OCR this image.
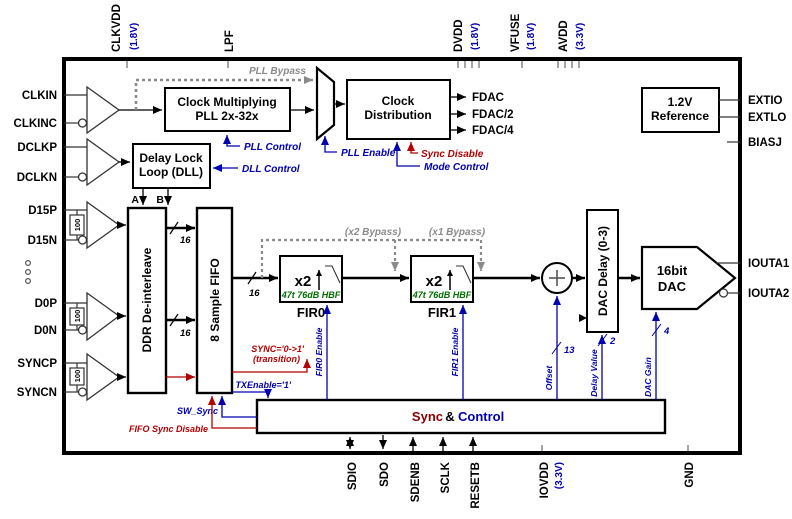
CLKVDD (1.8V)	LPF	DVDD (1.8V)	VFUSE (1.8V) AVDD (3.3V)
CLKIN
CLKINC
DCLKP
DCLKN
D15P
D15N
D0P
D0N
SYNCP
SYNCN
EXTIO
EXTLO
BIASJ
IOUTA1
IOUTA2
SDIO SDO SDENB SCLK RESETB	IOVDD (3.3V)	GND
100
100
100
PLL Bypass
Clock Multiplying
PLL 2x-32x
Clock
Distribution
FDAC
FDAC/2
FDAC/4
PLL Control
PLL Enable	Sync Disable
Mode Control
Delay Lock
Loop (DLL)	DLL Control
A B
DDR De-interleave	8 Sample FIFO
16
16
16
(x2 Bypass)	(x1 Bypass)
x2
47t 76dB HBF
FIR0
x2
47t 76dB HBF
FIR1	DAC Delay (0-3)	16bit
DAC
1.2V
Reference
Sync & Control
FIR0 Enable	FIR1 Enable
Offset	Delay Value	DAC Gain
13
2
4
SYNC='0->1'
(transition)
TXEnable='1'
SW_Sync
FIFO Sync Disable
